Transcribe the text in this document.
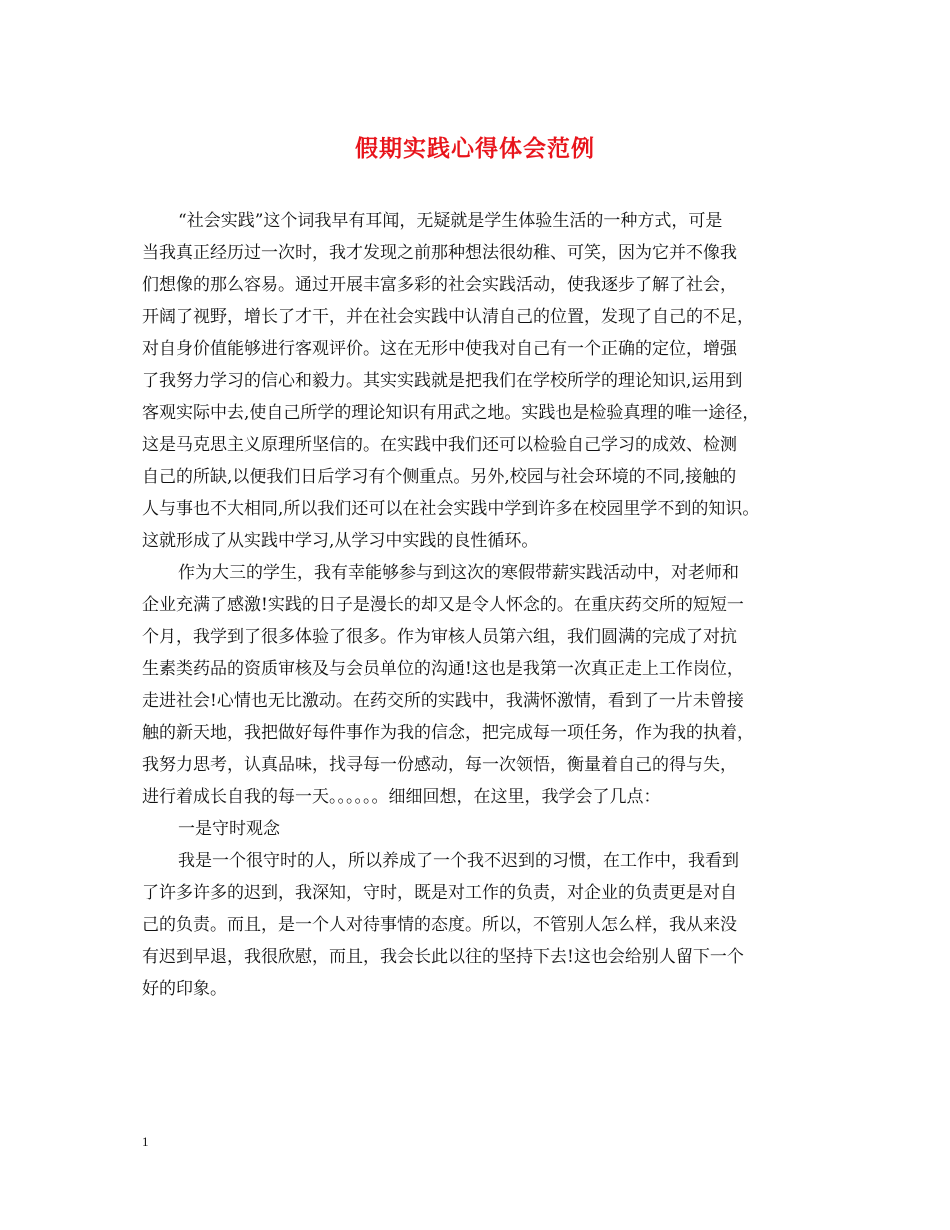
假期实践心得体会范例
“社会实践”这个词我早有耳闻，无疑就是学生体验生活的一种方式，可是
当我真正经历过一次时，我才发现之前那种想法很幼稚、可笑，因为它并不像我
们想像的那么容易。通过开展丰富多彩的社会实践活动，使我逐步了解了社会，
开阔了视野，增长了才干，并在社会实践中认清自己的位置，发现了自己的不足，
对自身价值能够进行客观评价。这在无形中使我对自己有一个正确的定位，增强
了我努力学习的信心和毅力。其实实践就是把我们在学校所学的理论知识,运用到
客观实际中去,使自己所学的理论知识有用武之地。实践也是检验真理的唯一途径，
这是马克思主义原理所坚信的。在实践中我们还可以检验自己学习的成效、检测
自己的所缺,以便我们日后学习有个侧重点。另外,校园与社会环境的不同,接触的
人与事也不大相同,所以我们还可以在社会实践中学到许多在校园里学不到的知识。
这就形成了从实践中学习,从学习中实践的良性循环。
作为大三的学生，我有幸能够参与到这次的寒假带薪实践活动中，对老师和
企业充满了感激!实践的日子是漫长的却又是令人怀念的。在重庆药交所的短短一
个月，我学到了很多体验了很多。作为审核人员第六组，我们圆满的完成了对抗
生素类药品的资质审核及与会员单位的沟通!这也是我第一次真正走上工作岗位，
走进社会!心情也无比激动。在药交所的实践中，我满怀激情，看到了一片未曾接
触的新天地，我把做好每件事作为我的信念，把完成每一项任务，作为我的执着，
我努力思考，认真品味，找寻每一份感动，每一次领悟，衡量着自己的得与失，
进行着成长自我的每一天。。。。。。细细回想，在这里，我学会了几点：
一是守时观念
我是一个很守时的人，所以养成了一个我不迟到的习惯，在工作中，我看到
了许多许多的迟到，我深知，守时，既是对工作的负责，对企业的负责更是对自
己的负责。而且，是一个人对待事情的态度。所以，不管别人怎么样，我从来没
有迟到早退，我很欣慰，而且，我会长此以往的坚持下去!这也会给别人留下一个
好的印象。
1
